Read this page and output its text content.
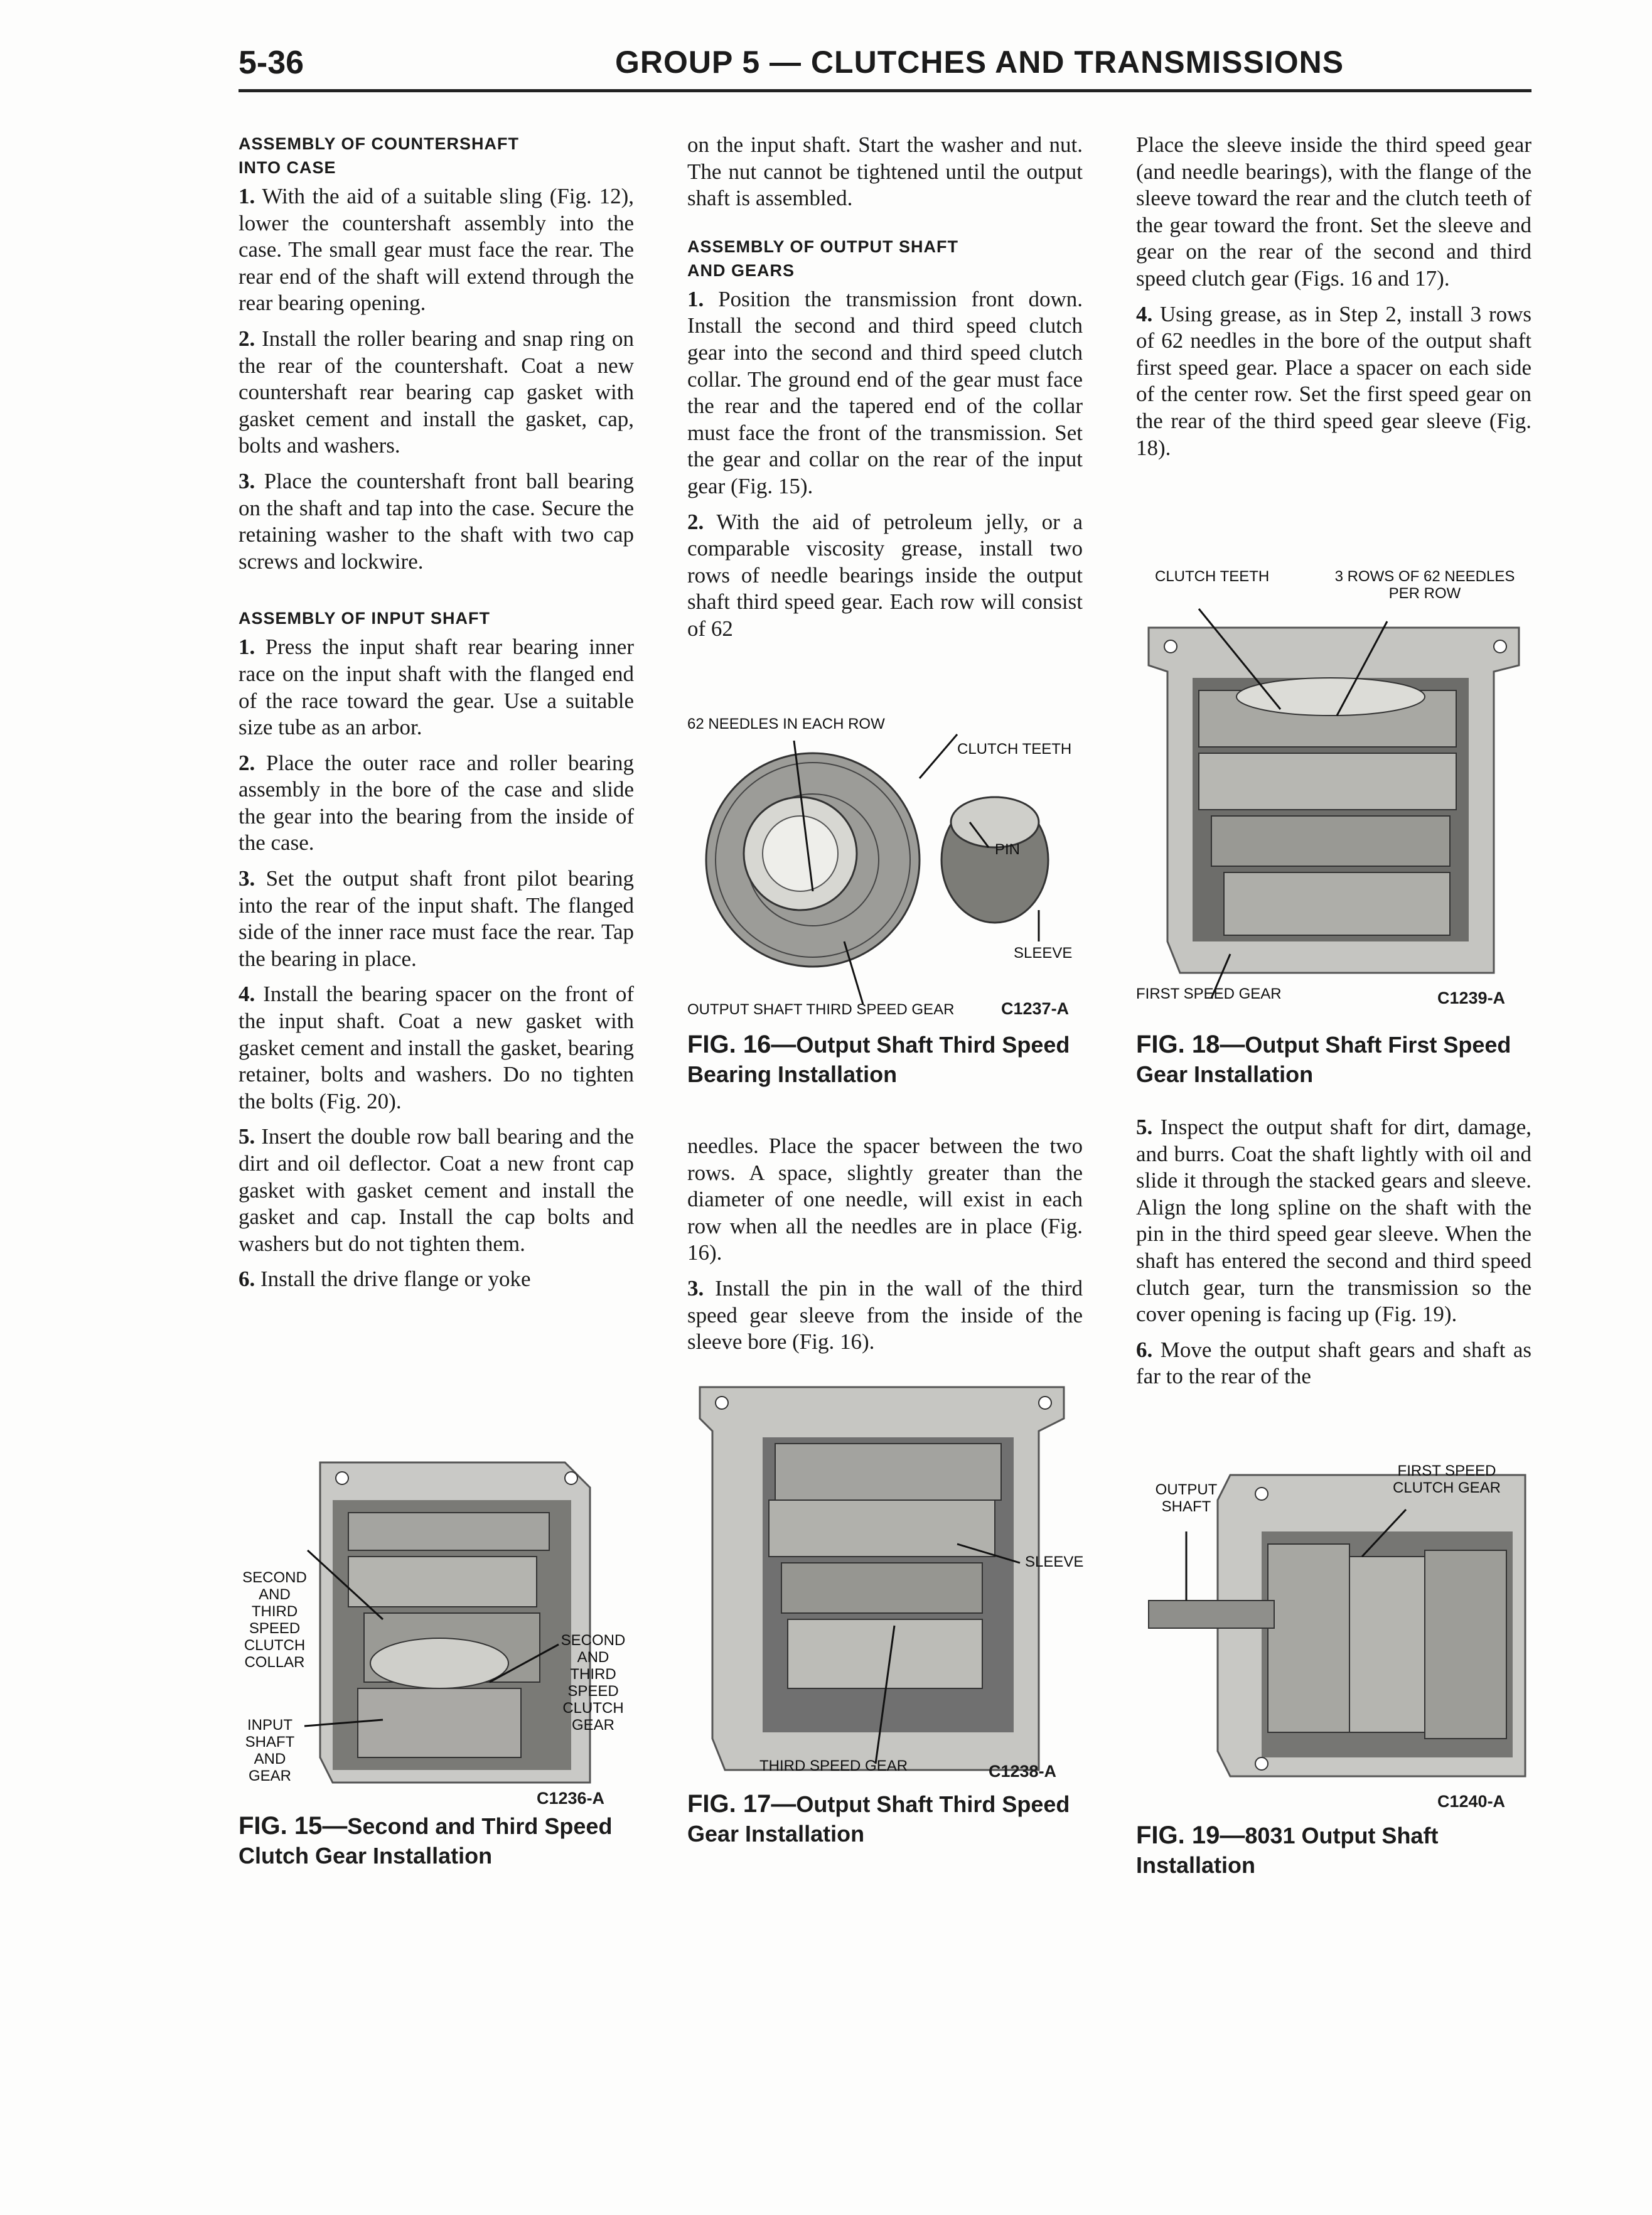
5-36	GROUP 5 — CLUTCHES AND TRANSMISSIONS
ASSEMBLY OF COUNTERSHAFT
INTO CASE

1. With the aid of a suitable sling (Fig. 12), lower the countershaft assembly into the case. The small gear must face the rear. The rear end of the shaft will extend through the rear bearing opening.

2. Install the roller bearing and snap ring on the rear of the countershaft. Coat a new countershaft rear bearing cap gasket with gasket cement and install the gasket, cap, bolts and washers.

3. Place the countershaft front ball bearing on the shaft and tap into the case. Secure the retaining washer to the shaft with two cap screws and lockwire.

ASSEMBLY OF INPUT SHAFT

1. Press the input shaft rear bearing inner race on the input shaft with the flanged end of the race toward the gear. Use a suitable size tube as an arbor.

2. Place the outer race and roller bearing assembly in the bore of the case and slide the gear into the bearing from the inside of the case.

3. Set the output shaft front pilot bearing into the rear of the input shaft. The flanged side of the inner race must face the rear. Tap the bearing in place.

4. Install the bearing spacer on the front of the input shaft. Coat a new gasket with gasket cement and install the gasket, bearing retainer, bolts and washers. Do no tighten the bolts (Fig. 20).

5. Insert the double row ball bearing and the dirt and oil deflector. Coat a new front cap gasket with gasket cement and install the gasket and cap. Install the cap bolts and washers but do not tighten them.

6. Install the drive flange or yoke

SECOND AND THIRD SPEED CLUTCH COLLAR
INPUT SHAFT AND GEAR
SECOND AND THIRD SPEED CLUTCH GEAR
C1236-A
FIG. 15—Second and Third Speed Clutch Gear Installation

on the input shaft. Start the washer and nut. The nut cannot be tightened until the output shaft is assembled.

ASSEMBLY OF OUTPUT SHAFT
AND GEARS

1. Position the transmission front down. Install the second and third speed clutch gear into the second and third speed clutch collar. The ground end of the gear must face the rear and the tapered end of the collar must face the front of the transmission. Set the gear and collar on the rear of the input gear (Fig. 15).

2. With the aid of petroleum jelly, or a comparable viscosity grease, install two rows of needle bearings inside the output shaft third speed gear. Each row will consist of 62

62 NEEDLES IN EACH ROW
CLUTCH TEETH
PIN
SLEEVE
OUTPUT SHAFT THIRD SPEED GEAR	C1237-A
FIG. 16—Output Shaft Third Speed Bearing Installation

needles. Place the spacer between the two rows. A space, slightly greater than the diameter of one needle, will exist in each row when all the needles are in place (Fig. 16).

3. Install the pin in the wall of the third speed gear sleeve from the inside of the sleeve bore (Fig. 16).

SLEEVE
THIRD SPEED GEAR	C1238-A
FIG. 17—Output Shaft Third Speed Gear Installation

Place the sleeve inside the third speed gear (and needle bearings), with the flange of the sleeve toward the rear and the clutch teeth of the gear toward the front. Set the sleeve and gear on the rear of the second and third speed clutch gear (Figs. 16 and 17).

4. Using grease, as in Step 2, install 3 rows of 62 needles in the bore of the output shaft first speed gear. Place a spacer on each side of the center row. Set the first speed gear on the rear of the third speed gear sleeve (Fig. 18).

CLUTCH TEETH	3 ROWS OF 62 NEEDLES PER ROW
FIRST SPEED GEAR	C1239-A
FIG. 18—Output Shaft First Speed Gear Installation

5. Inspect the output shaft for dirt, damage, and burrs. Coat the shaft lightly with oil and slide it through the stacked gears and sleeve. Align the long spline on the shaft with the pin in the third speed gear sleeve. When the shaft has entered the second and third speed clutch gear, turn the transmission so the cover opening is facing up (Fig. 19).

6. Move the output shaft gears and shaft as far to the rear of the

OUTPUT SHAFT
FIRST SPEED CLUTCH GEAR
C1240-A
FIG. 19—8031 Output Shaft Installation
